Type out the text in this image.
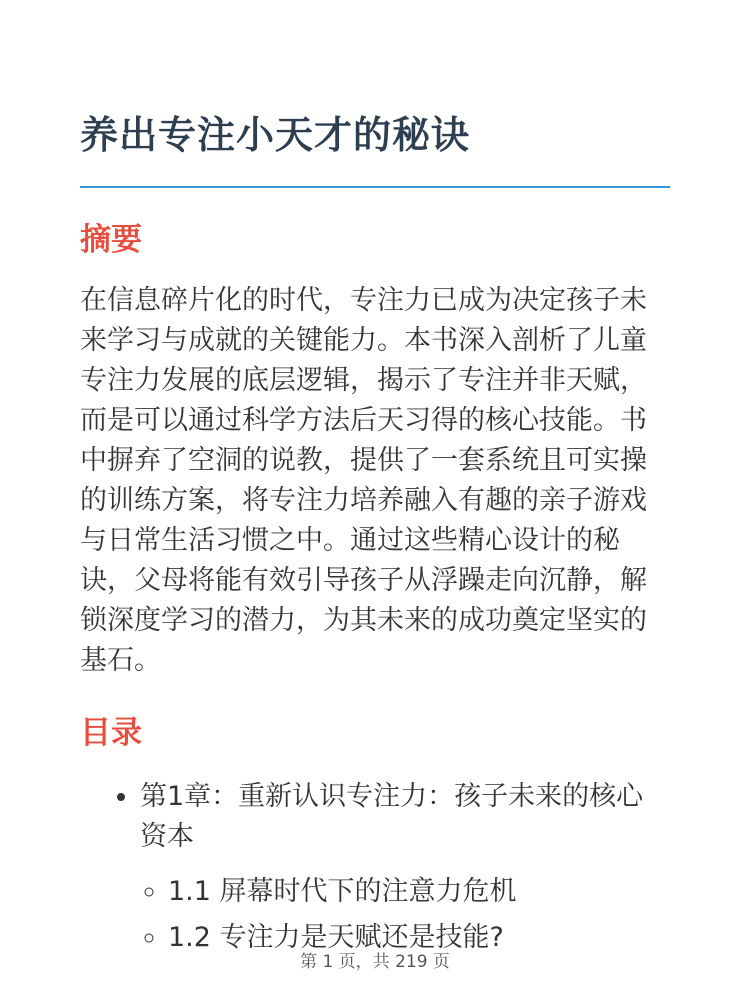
养出专注小天才的秘诀
摘要

在信息碎片化的时代，专注力已成为决定孩子未来学习与成就的关键能力。本书深入剖析了儿童专注力发展的底层逻辑，揭示了专注并非天赋，而是可以通过科学方法后天习得的核心技能。书中摒弃了空洞的说教，提供了一套系统且可实操的训练方案，将专注力培养融入有趣的亲子游戏与日常生活习惯之中。通过这些精心设计的秘诀，父母将能有效引导孩子从浮躁走向沉静，解锁深度学习的潜力，为其未来的成功奠定坚实的基石。

目录
• 第1章：重新认识专注力：孩子未来的核心资本
◦ 1.1 屏幕时代下的注意力危机
◦ 1.2 专注力是天赋还是技能?
第 1 页，共 219 页
